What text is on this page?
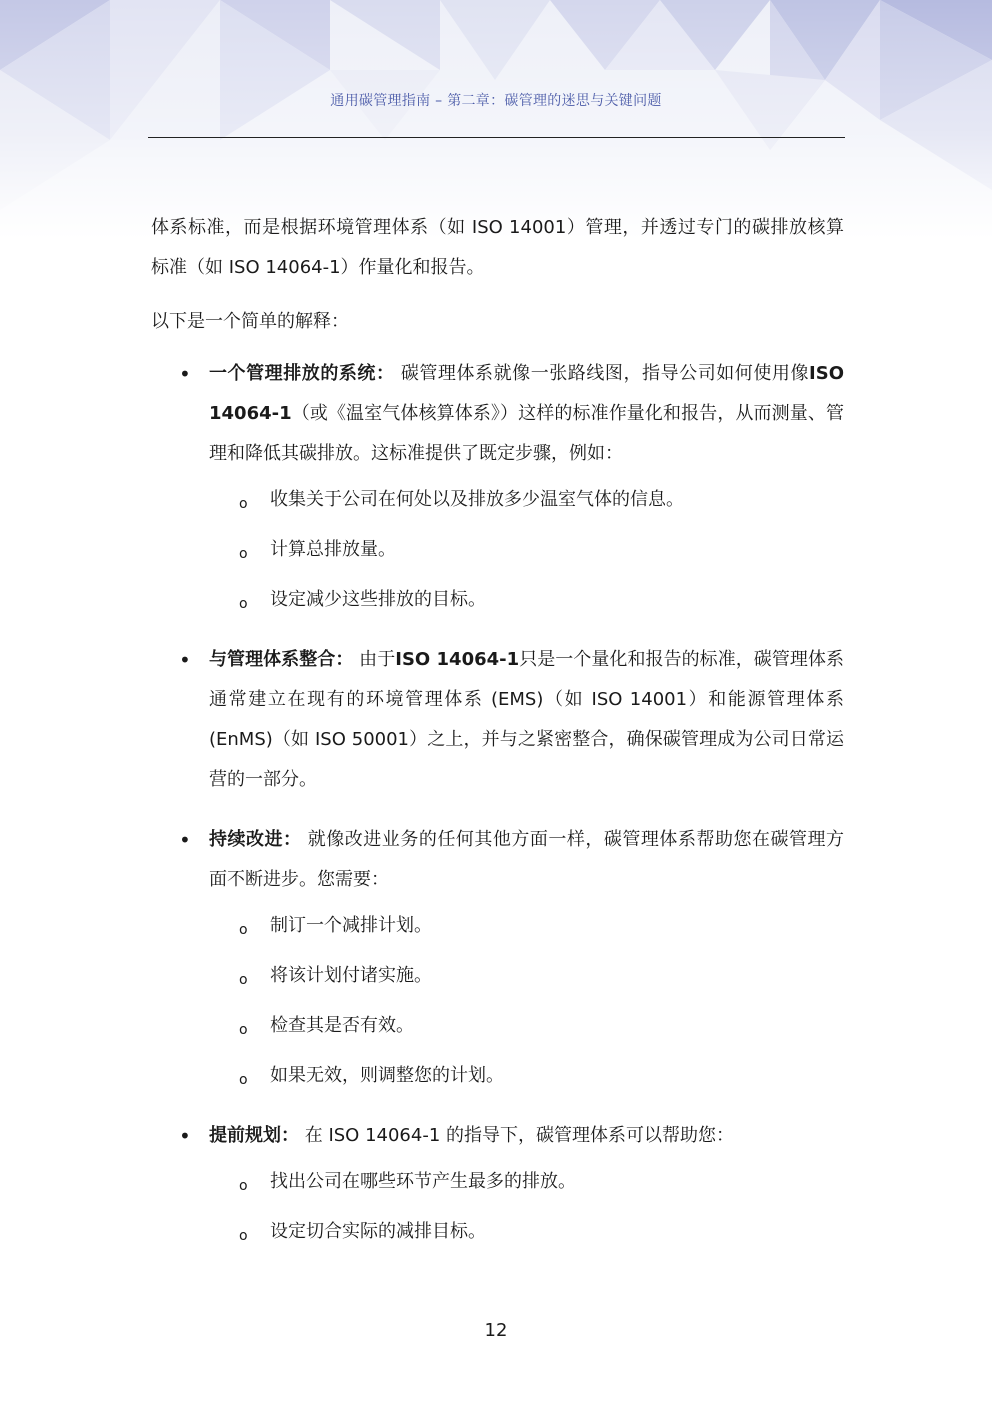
通用碳管理指南 – 第二章：碳管理的迷思与关键问题

体系标准，而是根据环境管理体系（如 ISO 14001）管理，并透过专门的碳排放核算标准（如 ISO 14064-1）作量化和报告。

以下是一个简单的解释：

• 一个管理排放的系统： 碳管理体系就像一张路线图，指导公司如何使用像ISO 14064-1（或《温室气体核算体系》）这样的标准作量化和报告，从而测量、管理和降低其碳排放。这标准提供了既定步骤，例如：
o 收集关于公司在何处以及排放多少温室气体的信息。
o 计算总排放量。
o 设定减少这些排放的目标。
• 与管理体系整合： 由于ISO 14064-1只是一个量化和报告的标准，碳管理体系通常建立在现有的环境管理体系 (EMS)（如 ISO 14001）和能源管理体系 (EnMS)（如 ISO 50001）之上，并与之紧密整合，确保碳管理成为公司日常运营的一部分。
• 持续改进： 就像改进业务的任何其他方面一样，碳管理体系帮助您在碳管理方面不断进步。您需要：
o 制订一个减排计划。
o 将该计划付诸实施。
o 检查其是否有效。
o 如果无效，则调整您的计划。
• 提前规划： 在 ISO 14064-1 的指导下，碳管理体系可以帮助您：
o 找出公司在哪些环节产生最多的排放。
o 设定切合实际的减排目标。
12
